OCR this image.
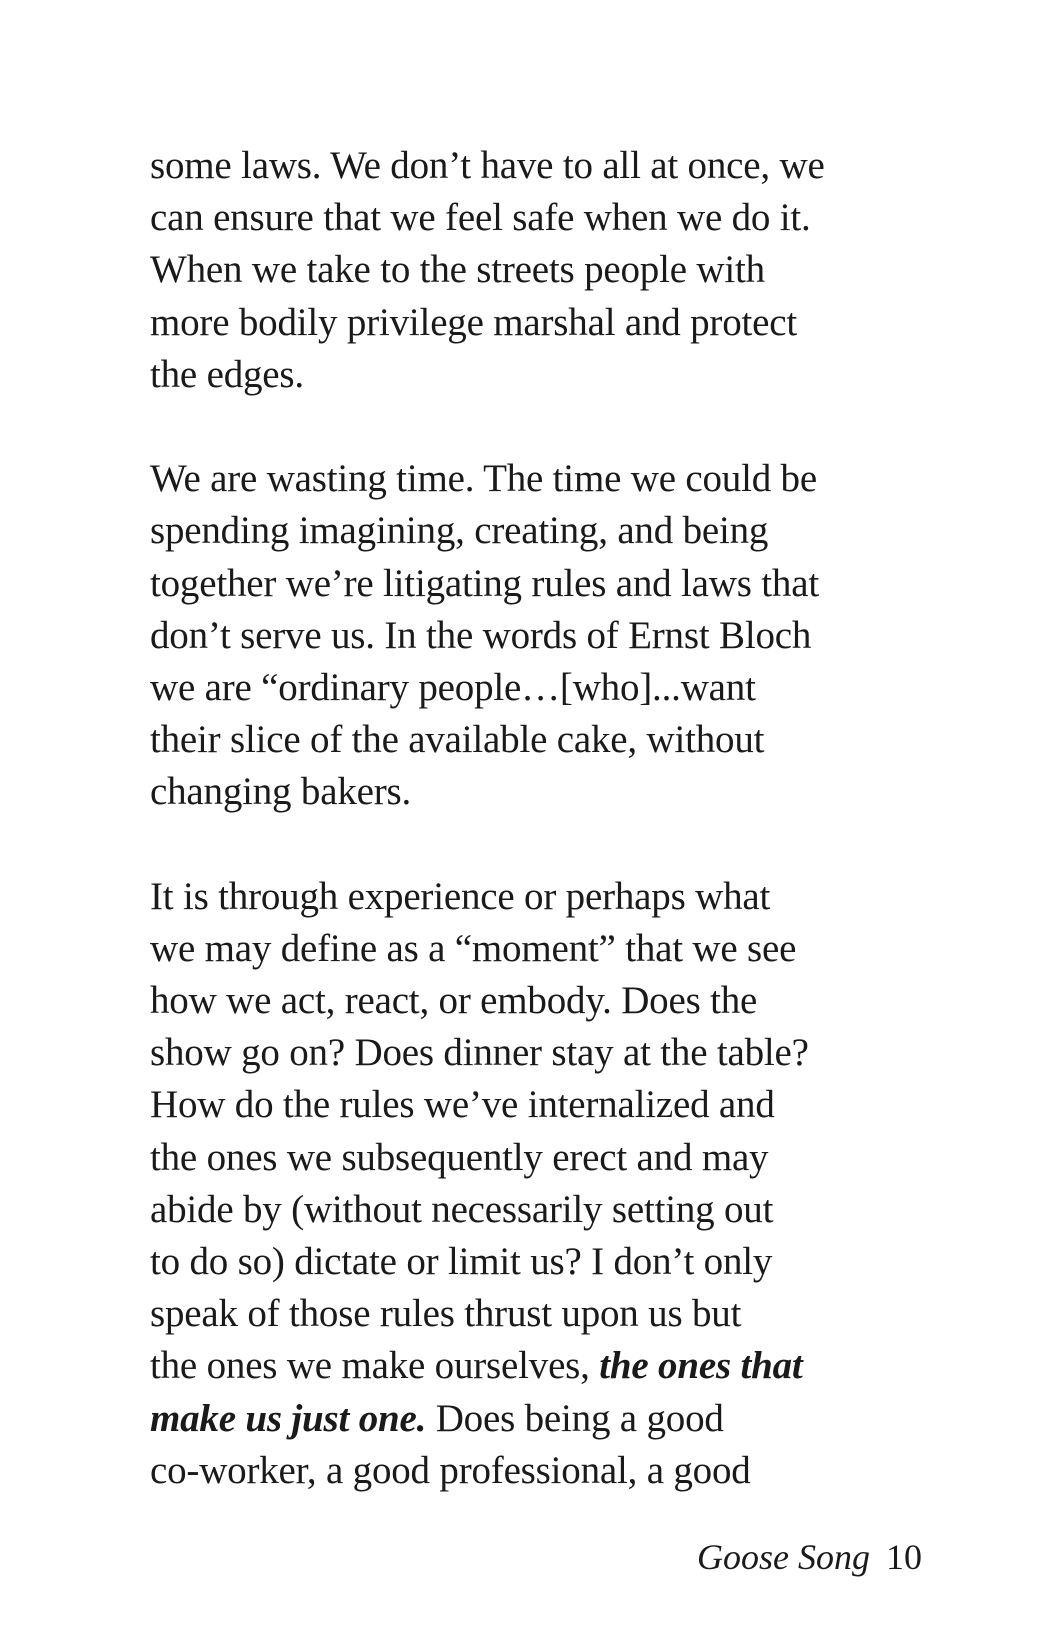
some laws. We don’t have to all at once, we
can ensure that we feel safe when we do it.
When we take to the streets people with
more bodily privilege marshal and protect
the edges.
We are wasting time. The time we could be
spending imagining, creating, and being
together we’re litigating rules and laws that
don’t serve us. In the words of Ernst Bloch
we are “ordinary people…[who]...want
their slice of the available cake, without
changing bakers.
It is through experience or perhaps what
we may define as a “moment” that we see
how we act, react, or embody. Does the
show go on? Does dinner stay at the table?
How do the rules we’ve internalized and
the ones we subsequently erect and may
abide by (without necessarily setting out
to do so) dictate or limit us? I don’t only
speak of those rules thrust upon us but
the ones we make ourselves, the ones that
make us just one. Does being a good
co-worker, a good professional, a good
Goose Song 10
